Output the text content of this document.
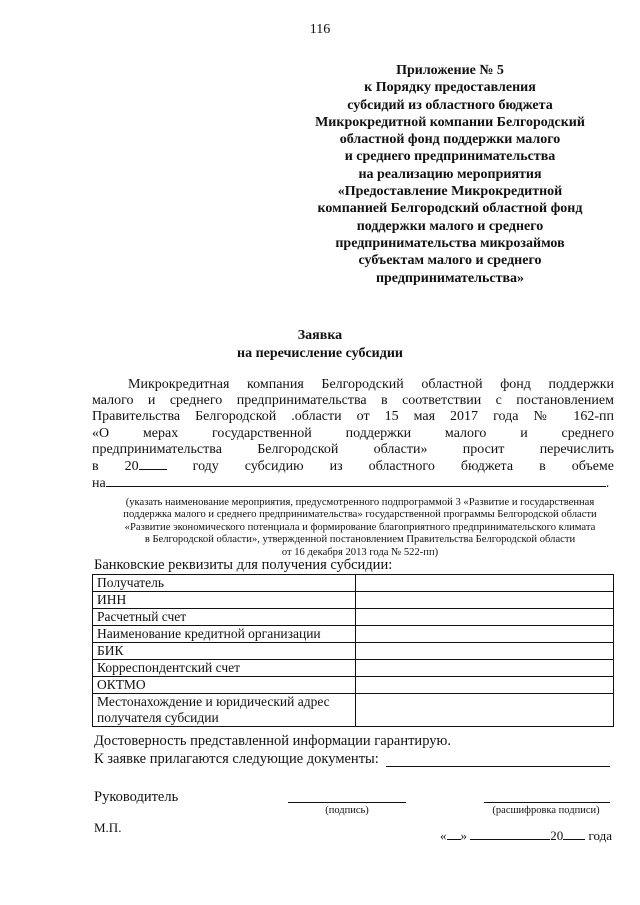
116
Приложение № 5
к Порядку предоставления
субсидий из областного бюджета
Микрокредитной компании Белгородский
областной фонд поддержки малого
и среднего предпринимательства
на реализацию мероприятия
«Предоставление Микрокредитной
компанией Белгородский областной фонд
поддержки малого и среднего
предпринимательства микрозаймов
субъектам малого и среднего
предпринимательства»
Заявка
на перечисление субсидии
Микрокредитная компания Белгородский областной фонд поддержки
малого и среднего предпринимательства в соответствии с постановлением
Правительства Белгородской .области от 15 мая 2017 года № 162-пп
«О мерах государственной поддержки малого и среднего
предпринимательства Белгородской области» просит перечислить
в 20	году субсидию из областного бюджета в объеме
на	.
(указать наименование мероприятия, предусмотренного подпрограммой 3 «Развитие и государственная
поддержка малого и среднего предпринимательства» государственной программы Белгородской области
«Развитие экономического потенциала и формирование благоприятного предпринимательского климата
в Белгородской области», утвержденной постановлением Правительства Белгородской области
от 16 декабря 2013 года № 522-пп)
Банковские реквизиты для получения субсидии:
Получатель	
ИНН	
Расчетный счет	
Наименование кредитной организации	
БИК	
Корреспондентский счет	
ОКТМО	

Местонахождение и юридический адрес
получателя субсидии	

Достоверность представленной информации гарантирую.
К заявке прилагаются следующие документы:
Руководитель
(подпись)	(расшифровка подписи)
М.П.
« »	20 года
